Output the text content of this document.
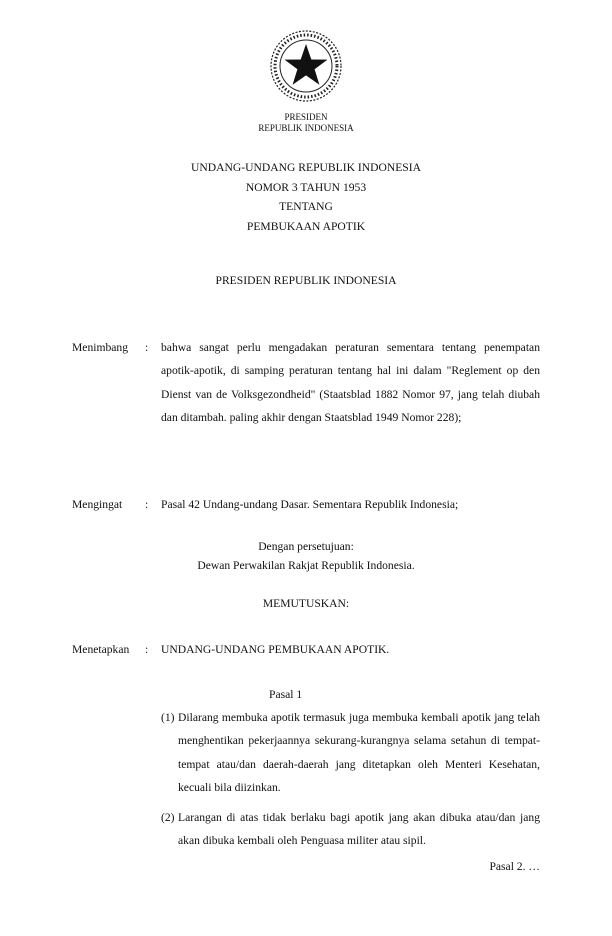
PRESIDEN
REPUBLIK INDONESIA
UNDANG-UNDANG REPUBLIK INDONESIA
NOMOR 3 TAHUN 1953
TENTANG
PEMBUKAAN APOTIK
PRESIDEN REPUBLIK INDONESIA
Menimbang : bahwa sangat perlu mengadakan peraturan sementara tentang penempatan apotik-apotik, di samping peraturan tentang hal ini dalam "Reglement op den Dienst van de Volksgezondheid" (Staatsblad 1882 Nomor 97, jang telah diubah dan ditambah. paling akhir dengan Staatsblad 1949 Nomor 228);
Mengingat : Pasal 42 Undang-undang Dasar. Sementara Republik Indonesia;
Dengan persetujuan:
Dewan Perwakilan Rakjat Republik Indonesia.
MEMUTUSKAN:
Menetapkan : UNDANG-UNDANG PEMBUKAAN APOTIK.
Pasal 1
(1) Dilarang membuka apotik termasuk juga membuka kembali apotik jang telah menghentikan pekerjaannya sekurang-kurangnya selama setahun di tempat-tempat atau/dan daerah-daerah jang ditetapkan oleh Menteri Kesehatan, kecuali bila diizinkan.
(2) Larangan di atas tidak berlaku bagi apotik jang akan dibuka atau/dan jang akan dibuka kembali oleh Penguasa militer atau sipil.
Pasal 2. …
